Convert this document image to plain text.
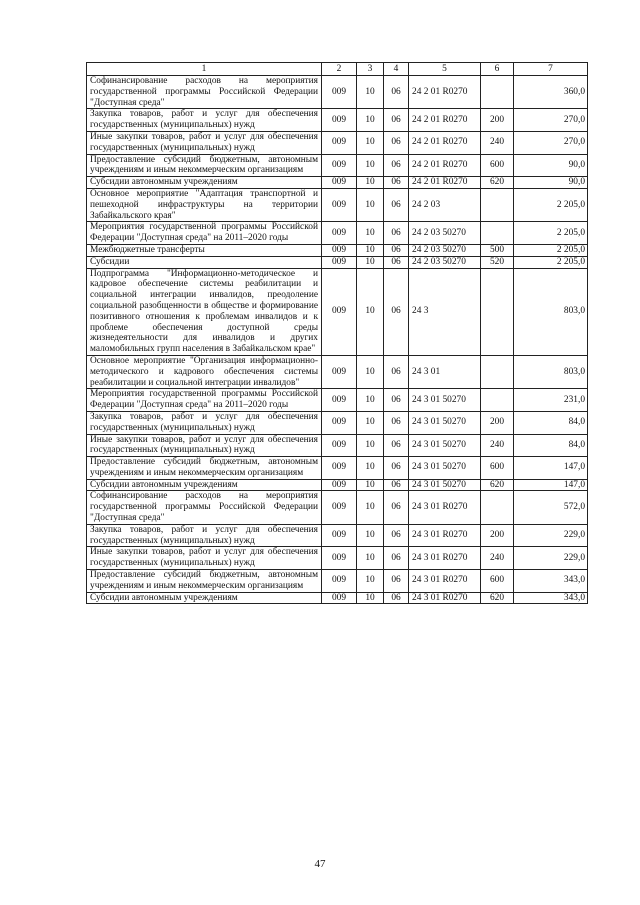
1	2	3	4	5	6	7
Софинансирование расходов на мероприятия государственной программы Российской Федерации "Доступная среда"	009	10	06	24 2 01 R0270		360,0
Закупка товаров, работ и услуг для обеспечения государственных (муниципальных) нужд	009	10	06	24 2 01 R0270	200	270,0
Иные закупки товаров, работ и услуг для обеспечения государственных (муниципальных) нужд	009	10	06	24 2 01 R0270	240	270,0
Предоставление субсидий бюджетным, автономным учреждениям и иным некоммерческим организациям	009	10	06	24 2 01 R0270	600	90,0
Субсидии автономным учреждениям	009	10	06	24 2 01 R0270	620	90,0
Основное мероприятие "Адаптация транспортной и пешеходной инфраструктуры на территории Забайкальского края"	009	10	06	24 2 03		2 205,0
Мероприятия государственной программы Российской Федерации "Доступная среда" на 2011–2020 годы	009	10	06	24 2 03 50270		2 205,0
Межбюджетные трансферты	009	10	06	24 2 03 50270	500	2 205,0
Субсидии	009	10	06	24 2 03 50270	520	2 205,0
Подпрограмма "Информационно-методическое и кадровое обеспечение системы реабилитации и социальной интеграции инвалидов, преодоление социальной разобщенности в обществе и формирование позитивного отношения к проблемам инвалидов и к проблеме обеспечения доступной среды жизнедеятельности для инвалидов и других маломобильных групп населения в Забайкальском крае"	009	10	06	24 3		803,0
Основное мероприятие "Организация информационно-методического и кадрового обеспечения системы реабилитации и социальной интеграции инвалидов"	009	10	06	24 3 01		803,0
Мероприятия государственной программы Российской Федерации "Доступная среда" на 2011–2020 годы	009	10	06	24 3 01 50270		231,0
Закупка товаров, работ и услуг для обеспечения государственных (муниципальных) нужд	009	10	06	24 3 01 50270	200	84,0
Иные закупки товаров, работ и услуг для обеспечения государственных (муниципальных) нужд	009	10	06	24 3 01 50270	240	84,0
Предоставление субсидий бюджетным, автономным учреждениям и иным некоммерческим организациям	009	10	06	24 3 01 50270	600	147,0
Субсидии автономным учреждениям	009	10	06	24 3 01 50270	620	147,0
Софинансирование расходов на мероприятия государственной программы Российской Федерации "Доступная среда"	009	10	06	24 3 01 R0270		572,0
Закупка товаров, работ и услуг для обеспечения государственных (муниципальных) нужд	009	10	06	24 3 01 R0270	200	229,0
Иные закупки товаров, работ и услуг для обеспечения государственных (муниципальных) нужд	009	10	06	24 3 01 R0270	240	229,0
Предоставление субсидий бюджетным, автономным учреждениям и иным некоммерческим организациям	009	10	06	24 3 01 R0270	600	343,0
Субсидии автономным учреждениям	009	10	06	24 3 01 R0270	620	343,0
47
